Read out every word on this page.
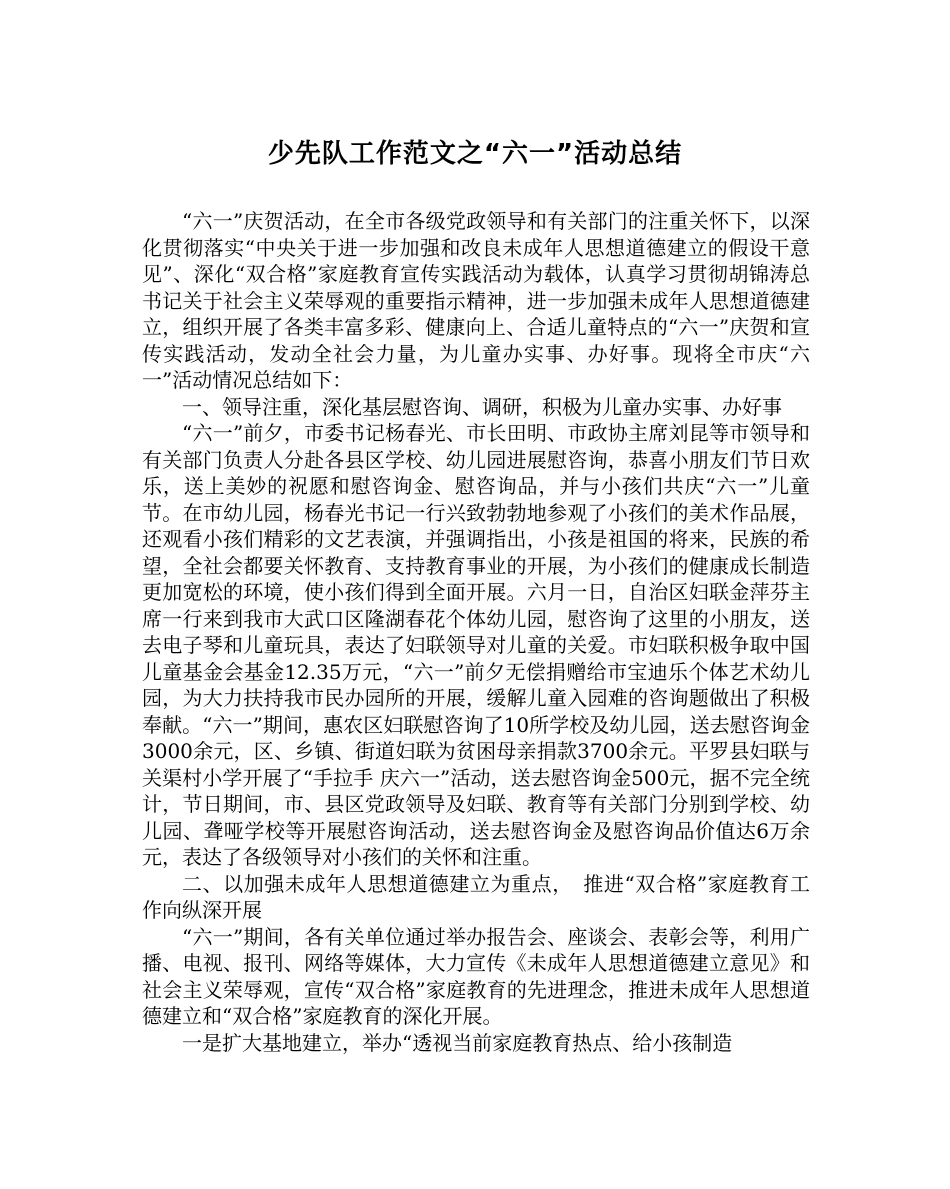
少先队工作范文之“六一”活动总结

“六一”庆贺活动，在全市各级党政领导和有关部门的注重关怀下，以深化贯彻落实“中央关于进一步加强和改良未成年人思想道德建立的假设干意见”、深化“双合格”家庭教育宣传实践活动为载体，认真学习贯彻胡锦涛总书记关于社会主义荣辱观的重要指示精神，进一步加强未成年人思想道德建立，组织开展了各类丰富多彩、健康向上、合适儿童特点的“六一”庆贺和宣传实践活动，发动全社会力量，为儿童办实事、办好事。现将全市庆“六一”活动情况总结如下：

一、领导注重，深化基层慰咨询、调研，积极为儿童办实事、办好事

“六一”前夕，市委书记杨春光、市长田明、市政协主席刘昆等市领导和有关部门负责人分赴各县区学校、幼儿园进展慰咨询，恭喜小朋友们节日欢乐，送上美妙的祝愿和慰咨询金、慰咨询品，并与小孩们共庆“六一”儿童节。在市幼儿园，杨春光书记一行兴致勃勃地参观了小孩们的美术作品展，还观看小孩们精彩的文艺表演，并强调指出，小孩是祖国的将来，民族的希望，全社会都要关怀教育、支持教育事业的开展，为小孩们的健康成长制造更加宽松的环境，使小孩们得到全面开展。六月一日，自治区妇联金萍芬主席一行来到我市大武口区隆湖春花个体幼儿园，慰咨询了这里的小朋友，送去电子琴和儿童玩具，表达了妇联领导对儿童的关爱。市妇联积极争取中国儿童基金会基金12.35万元，“六一”前夕无偿捐赠给市宝迪乐个体艺术幼儿园，为大力扶持我市民办园所的开展，缓解儿童入园难的咨询题做出了积极奉献。“六一”期间，惠农区妇联慰咨询了10所学校及幼儿园，送去慰咨询金3000余元，区、乡镇、街道妇联为贫困母亲捐款3700余元。平罗县妇联与关渠村小学开展了“手拉手 庆六一”活动，送去慰咨询金500元，据不完全统计，节日期间，市、县区党政领导及妇联、教育等有关部门分别到学校、幼儿园、聋哑学校等开展慰咨询活动，送去慰咨询金及慰咨询品价值达6万余元，表达了各级领导对小孩们的关怀和注重。

二、以加强未成年人思想道德建立为重点，　推进“双合格”家庭教育工作向纵深开展

“六一”期间，各有关单位通过举办报告会、座谈会、表彰会等，利用广播、电视、报刊、网络等媒体，大力宣传《未成年人思想道德建立意见》和社会主义荣辱观，宣传“双合格”家庭教育的先进理念，推进未成年人思想道德建立和“双合格”家庭教育的深化开展。

一是扩大基地建立，举办“透视当前家庭教育热点、给小孩制造
